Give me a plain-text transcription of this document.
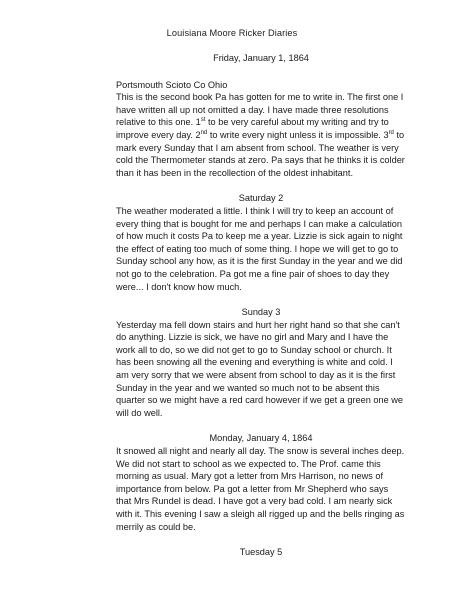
Louisiana Moore Ricker Diaries
Friday, January 1, 1864
Portsmouth Scioto Co Ohio

This is the second book Pa has gotten for me to write in. The first one I have written all up not omitted a day. I have made three resolutions relative to this one. 1st to be very careful about my writing and try to improve every day. 2nd to write every night unless it is impossible. 3rd to mark every Sunday that I am absent from school. The weather is very cold the Thermometer stands at zero. Pa says that he thinks it is colder than it has been in the recollection of the oldest inhabitant.

Saturday 2

The weather moderated a little. I think I will try to keep an account of every thing that is bought for me and perhaps I can make a calculation of how much it costs Pa to keep me a year. Lizzie is sick again to night the effect of eating too much of some thing. I hope we will get to go to Sunday school any how, as it is the first Sunday in the year and we did not go to the celebration. Pa got me a fine pair of shoes to day they were... I don't know how much.

Sunday 3

Yesterday ma fell down stairs and hurt her right hand so that she can't do anything. Lizzie is sick, we have no girl and Mary and I have the work all to do, so we did not get to go to Sunday school or church. It has been snowing all the evening and everything is white and cold. I am very sorry that we were absent from school to day as it is the first Sunday in the year and we wanted so much not to be absent this quarter so we might have a red card however if we get a green one we will do well.

Monday, January 4, 1864

It snowed all night and nearly all day. The snow is several inches deep. We did not start to school as we expected to. The Prof. came this morning as usual. Mary got a letter from Mrs Harrison, no news of importance from below. Pa got a letter from Mr Shepherd who says that Mrs Rundel is dead. I have got a very bad cold. I am nearly sick with it. This evening I saw a sleigh all rigged up and the bells ringing as merrily as could be.

Tuesday 5
